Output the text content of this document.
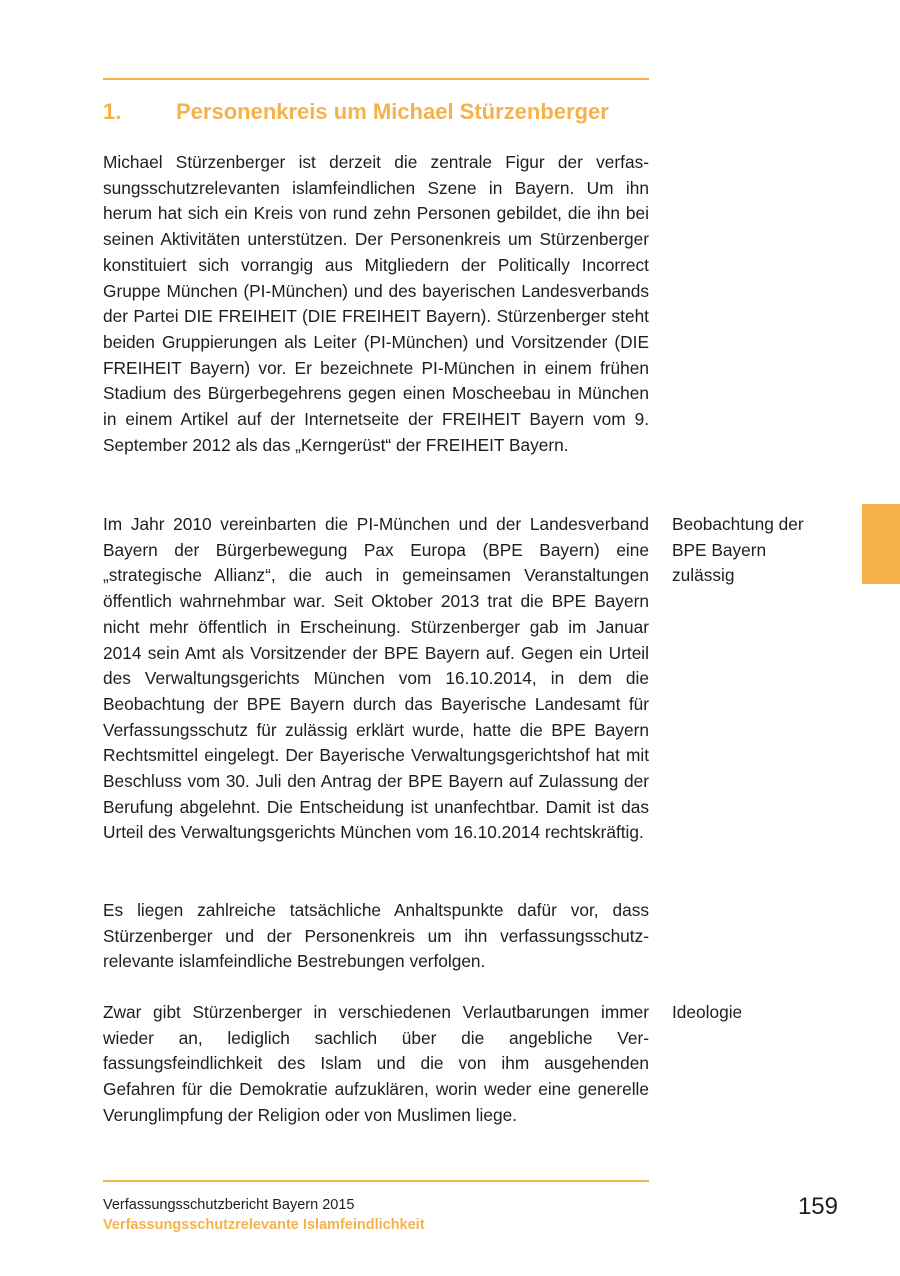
1. Personenkreis um Michael Stürzenberger

Michael Stürzenberger ist derzeit die zentrale Figur der verfassungsschutzrelevanten islamfeindlichen Szene in Bayern. Um ihn herum hat sich ein Kreis von rund zehn Personen gebildet, die ihn bei seinen Aktivitäten unterstützen. Der Personenkreis um Stürzenberger konstituiert sich vorrangig aus Mitgliedern der Politically Incorrect Gruppe München (PI-München) und des bayerischen Landesverbands der Partei DIE FREIHEIT (DIE FREIHEIT Bayern). Stürzenberger steht beiden Gruppierungen als Leiter (PI-München) und Vorsitzender (DIE FREIHEIT Bayern) vor. Er bezeichnete PI-München in einem frühen Stadium des Bürgerbegehrens gegen einen Moscheebau in München in einem Artikel auf der Internetseite der FREIHEIT Bayern vom 9. September 2012 als das „Kerngerüst“ der FREIHEIT Bayern.

Im Jahr 2010 vereinbarten die PI-München und der Landesverband Bayern der Bürgerbewegung Pax Europa (BPE Bayern) eine „strategische Allianz“, die auch in gemeinsamen Veranstaltungen öffentlich wahrnehmbar war. Seit Oktober 2013 trat die BPE Bayern nicht mehr öffentlich in Erscheinung. Stürzenberger gab im Januar 2014 sein Amt als Vorsitzender der BPE Bayern auf. Gegen ein Urteil des Verwaltungsgerichts München vom 16.10.2014, in dem die Beobachtung der BPE Bayern durch das Bayerische Landesamt für Verfassungsschutz für zulässig erklärt wurde, hatte die BPE Bayern Rechtsmittel eingelegt. Der Bayerische Verwaltungsgerichtshof hat mit Beschluss vom 30. Juli den Antrag der BPE Bayern auf Zulassung der Berufung abgelehnt. Die Entscheidung ist unanfechtbar. Damit ist das Urteil des Verwaltungsgerichts München vom 16.10.2014 rechtskräftig.

Es liegen zahlreiche tatsächliche Anhaltspunkte dafür vor, dass Stürzenberger und der Personenkreis um ihn verfassungsschutzrelevante islamfeindliche Bestrebungen verfolgen.

Zwar gibt Stürzenberger in verschiedenen Verlautbarungen immer wieder an, lediglich sachlich über die angebliche Verfassungsfeindlichkeit des Islam und die von ihm ausgehenden Gefahren für die Demokratie aufzuklären, worin weder eine generelle Verunglimpfung der Religion oder von Muslimen liege.

Beobachtung der BPE Bayern zulässig
Ideologie
Verfassungsschutzbericht Bayern 2015
Verfassungsschutzrelevante Islamfeindlichkeit
159
